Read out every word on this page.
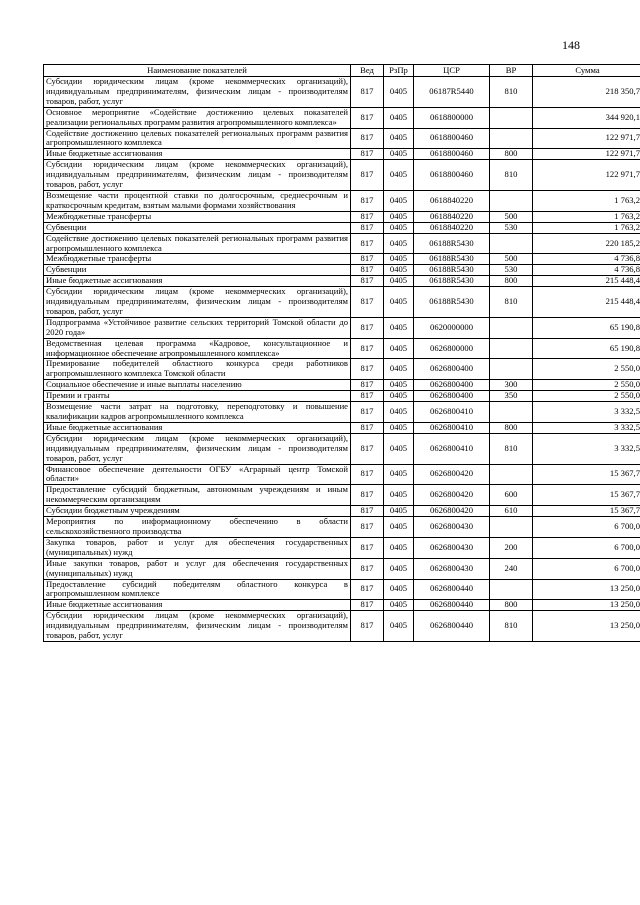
148
Наименование показателей	Вед	РзПр	ЦСР	ВР	Сумма
Субсидии юридическим лицам (кроме некоммерческих организаций), индивидуальным предпринимателям, физическим лицам - производителям товаров, работ, услуг	817	0405	06187R5440	810	218 350,7
Основное мероприятие «Содействие достижению целевых показателей реализации региональных программ развития агропромышленного комплекса»	817	0405	0618800000		344 920,1
Содействие достижению целевых показателей региональных программ развития агропромышленного комплекса	817	0405	0618800460		122 971,7
Иные бюджетные ассигнования	817	0405	0618800460	800	122 971,7
Субсидии юридическим лицам (кроме некоммерческих организаций), индивидуальным предпринимателям, физическим лицам - производителям товаров, работ, услуг	817	0405	0618800460	810	122 971,7
Возмещение части процентной ставки по долгосрочным, среднесрочным и краткосрочным кредитам, взятым малыми формами хозяйствования	817	0405	0618840220		1 763,2
Межбюджетные трансферты	817	0405	0618840220	500	1 763,2
Субвенции	817	0405	0618840220	530	1 763,2
Содействие достижению целевых показателей региональных программ развития агропромышленного комплекса	817	0405	06188R5430		220 185,2
Межбюджетные трансферты	817	0405	06188R5430	500	4 736,8
Субвенции	817	0405	06188R5430	530	4 736,8
Иные бюджетные ассигнования	817	0405	06188R5430	800	215 448,4
Субсидии юридическим лицам (кроме некоммерческих организаций), индивидуальным предпринимателям, физическим лицам - производителям товаров, работ, услуг	817	0405	06188R5430	810	215 448,4
Подпрограмма «Устойчивое развитие сельских территорий Томской области до 2020 года»	817	0405	0620000000		65 190,8
Ведомственная целевая программа «Кадровое, консультационное и информационное обеспечение агропромышленного комплекса»	817	0405	0626800000		65 190,8
Премирование победителей областного конкурса среди работников агропромышленного комплекса Томской области	817	0405	0626800400		2 550,0
Социальное обеспечение и иные выплаты населению	817	0405	0626800400	300	2 550,0
Премии и гранты	817	0405	0626800400	350	2 550,0
Возмещение части затрат на подготовку, переподготовку и повышение квалификации кадров агропромышленного комплекса	817	0405	0626800410		3 332,5
Иные бюджетные ассигнования	817	0405	0626800410	800	3 332,5
Субсидии юридическим лицам (кроме некоммерческих организаций), индивидуальным предпринимателям, физическим лицам - производителям товаров, работ, услуг	817	0405	0626800410	810	3 332,5
Финансовое обеспечение деятельности ОГБУ «Аграрный центр Томской области»	817	0405	0626800420		15 367,7
Предоставление субсидий бюджетным, автономным учреждениям и иным некоммерческим организациям	817	0405	0626800420	600	15 367,7
Субсидии бюджетным учреждениям	817	0405	0626800420	610	15 367,7
Мероприятия по информационному обеспечению в области сельскохозяйственного производства	817	0405	0626800430		6 700,0
Закупка товаров, работ и услуг для обеспечения государственных (муниципальных) нужд	817	0405	0626800430	200	6 700,0
Иные закупки товаров, работ и услуг для обеспечения государственных (муниципальных) нужд	817	0405	0626800430	240	6 700,0
Предоставление субсидий победителям областного конкурса в агропромышленном комплексе	817	0405	0626800440		13 250,0
Иные бюджетные ассигнования	817	0405	0626800440	800	13 250,0
Субсидии юридическим лицам (кроме некоммерческих организаций), индивидуальным предпринимателям, физическим лицам - производителям товаров, работ, услуг	817	0405	0626800440	810	13 250,0
